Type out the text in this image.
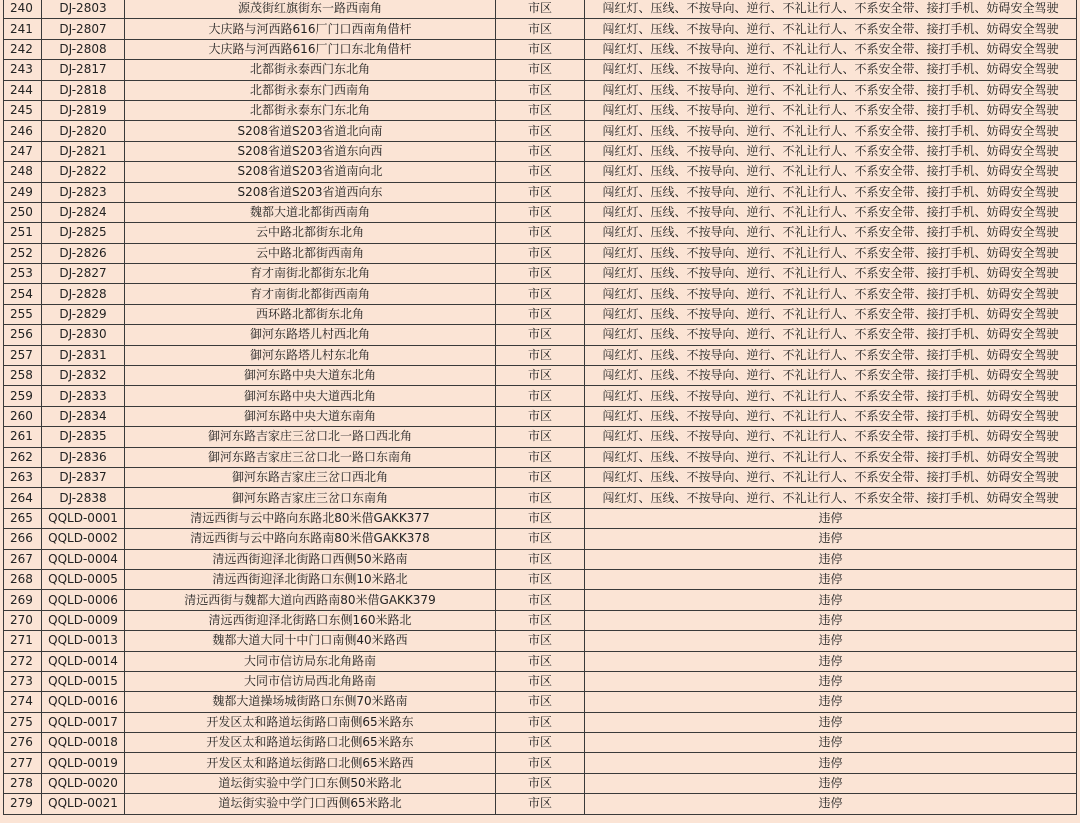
240	DJ-2803	源茂街红旗街东一路西南角	市区	闯红灯、压线、不按导向、逆行、不礼让行人、不系安全带、接打手机、妨碍安全驾驶
241	DJ-2807	大庆路与河西路616厂门口西南角借杆	市区	闯红灯、压线、不按导向、逆行、不礼让行人、不系安全带、接打手机、妨碍安全驾驶
242	DJ-2808	大庆路与河西路616厂门口东北角借杆	市区	闯红灯、压线、不按导向、逆行、不礼让行人、不系安全带、接打手机、妨碍安全驾驶
243	DJ-2817	北都街永泰西门东北角	市区	闯红灯、压线、不按导向、逆行、不礼让行人、不系安全带、接打手机、妨碍安全驾驶
244	DJ-2818	北都街永泰东门西南角	市区	闯红灯、压线、不按导向、逆行、不礼让行人、不系安全带、接打手机、妨碍安全驾驶
245	DJ-2819	北都街永泰东门东北角	市区	闯红灯、压线、不按导向、逆行、不礼让行人、不系安全带、接打手机、妨碍安全驾驶
246	DJ-2820	S208省道S203省道北向南	市区	闯红灯、压线、不按导向、逆行、不礼让行人、不系安全带、接打手机、妨碍安全驾驶
247	DJ-2821	S208省道S203省道东向西	市区	闯红灯、压线、不按导向、逆行、不礼让行人、不系安全带、接打手机、妨碍安全驾驶
248	DJ-2822	S208省道S203省道南向北	市区	闯红灯、压线、不按导向、逆行、不礼让行人、不系安全带、接打手机、妨碍安全驾驶
249	DJ-2823	S208省道S203省道西向东	市区	闯红灯、压线、不按导向、逆行、不礼让行人、不系安全带、接打手机、妨碍安全驾驶
250	DJ-2824	魏都大道北都街西南角	市区	闯红灯、压线、不按导向、逆行、不礼让行人、不系安全带、接打手机、妨碍安全驾驶
251	DJ-2825	云中路北都街东北角	市区	闯红灯、压线、不按导向、逆行、不礼让行人、不系安全带、接打手机、妨碍安全驾驶
252	DJ-2826	云中路北都街西南角	市区	闯红灯、压线、不按导向、逆行、不礼让行人、不系安全带、接打手机、妨碍安全驾驶
253	DJ-2827	育才南街北都街东北角	市区	闯红灯、压线、不按导向、逆行、不礼让行人、不系安全带、接打手机、妨碍安全驾驶
254	DJ-2828	育才南街北都街西南角	市区	闯红灯、压线、不按导向、逆行、不礼让行人、不系安全带、接打手机、妨碍安全驾驶
255	DJ-2829	西环路北都街东北角	市区	闯红灯、压线、不按导向、逆行、不礼让行人、不系安全带、接打手机、妨碍安全驾驶
256	DJ-2830	御河东路塔儿村西北角	市区	闯红灯、压线、不按导向、逆行、不礼让行人、不系安全带、接打手机、妨碍安全驾驶
257	DJ-2831	御河东路塔儿村东北角	市区	闯红灯、压线、不按导向、逆行、不礼让行人、不系安全带、接打手机、妨碍安全驾驶
258	DJ-2832	御河东路中央大道东北角	市区	闯红灯、压线、不按导向、逆行、不礼让行人、不系安全带、接打手机、妨碍安全驾驶
259	DJ-2833	御河东路中央大道西北角	市区	闯红灯、压线、不按导向、逆行、不礼让行人、不系安全带、接打手机、妨碍安全驾驶
260	DJ-2834	御河东路中央大道东南角	市区	闯红灯、压线、不按导向、逆行、不礼让行人、不系安全带、接打手机、妨碍安全驾驶
261	DJ-2835	御河东路吉家庄三岔口北一路口西北角	市区	闯红灯、压线、不按导向、逆行、不礼让行人、不系安全带、接打手机、妨碍安全驾驶
262	DJ-2836	御河东路吉家庄三岔口北一路口东南角	市区	闯红灯、压线、不按导向、逆行、不礼让行人、不系安全带、接打手机、妨碍安全驾驶
263	DJ-2837	御河东路吉家庄三岔口西北角	市区	闯红灯、压线、不按导向、逆行、不礼让行人、不系安全带、接打手机、妨碍安全驾驶
264	DJ-2838	御河东路吉家庄三岔口东南角	市区	闯红灯、压线、不按导向、逆行、不礼让行人、不系安全带、接打手机、妨碍安全驾驶
265	QQLD-0001	清远西街与云中路向东路北80米借GAKK377	市区	违停
266	QQLD-0002	清远西街与云中路向东路南80米借GAKK378	市区	违停
267	QQLD-0004	清远西街迎泽北街路口西侧50米路南	市区	违停
268	QQLD-0005	清远西街迎泽北街路口东侧10米路北	市区	违停
269	QQLD-0006	清远西街与魏都大道向西路南80米借GAKK379	市区	违停
270	QQLD-0009	清远西街迎泽北街路口东侧160米路北	市区	违停
271	QQLD-0013	魏都大道大同十中门口南侧40米路西	市区	违停
272	QQLD-0014	大同市信访局东北角路南	市区	违停
273	QQLD-0015	大同市信访局西北角路南	市区	违停
274	QQLD-0016	魏都大道操场城街路口东侧70米路南	市区	违停
275	QQLD-0017	开发区太和路道坛街路口南侧65米路东	市区	违停
276	QQLD-0018	开发区太和路道坛街路口北侧65米路东	市区	违停
277	QQLD-0019	开发区太和路道坛街路口北侧65米路西	市区	违停
278	QQLD-0020	道坛街实验中学门口东侧50米路北	市区	违停
279	QQLD-0021	道坛街实验中学门口西侧65米路北	市区	违停
